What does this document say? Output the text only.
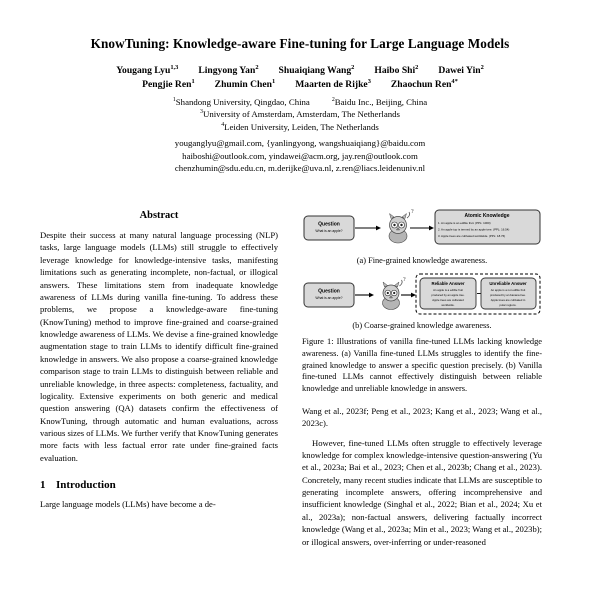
KnowTuning: Knowledge-aware Fine-tuning for Large Language Models
Yougang Lyu$^{1,3}$ Lingyong Yan$^2$ Shuaiqiang Wang$^2$ Haibo Shi$^2$ Dawei Yin$^2$
Pengjie Ren$^1$ Zhumin Chen$^1$ Maarten de Rijke$^3$ Zhaochun Ren$^{4*}$
$^1$Shandong University, Qingdao, China	$^2$Baidu Inc., Beijing, China
$^3$University of Amsterdam, Amsterdam, The Netherlands
$^4$Leiden University, Leiden, The Netherlands
youganglyu@gmail.com, {yanlingyong, wangshuaiqiang}@baidu.com
haiboshi@outlook.com, yindawei@acm.org, jay.ren@outlook.com
chenzhumin@sdu.edu.cn, m.derijke@uva.nl, z.ren@liacs.leidenuniv.nl
Abstract
Despite their success at many natural language processing (NLP) tasks, large language models (LLMs) still struggle to effectively leverage knowledge for knowledge-intensive tasks, manifesting limitations such as generating incomplete, non-factual, or illogical answers. These limitations stem from inadequate knowledge awareness of LLMs during vanilla fine-tuning. To address these problems, we propose a knowledge-aware fine-tuning (KnowTuning) method to improve fine-grained and coarse-grained knowledge awareness of LLMs. We devise a fine-grained knowledge augmentation stage to train LLMs to identify difficult fine-grained knowledge in answers. We also propose a coarse-grained knowledge comparison stage to train LLMs to distinguish between reliable and unreliable knowledge, in three aspects: completeness, factuality, and logicality. Extensive experiments on both generic and medical question answering (QA) datasets confirm the effectiveness of KnowTuning, through automatic and human evaluations, across various sizes of LLMs. We further verify that KnowTuning generates more facts with less factual error rate under fine-grained facts evaluation.
1 Introduction

Large language models (LLMs) have become a de-

Question
What is an apple?
?
Atomic Knowledge
1. An apple is an edible fruit. (PPL: 1000)
2. An apple top is termed by an apple tree. (PPL: 16.54)
3. Apple trees are cultivated worldwide. (PPL: 18.76)
(a) Fine-grained knowledge awareness.
Question
What is an apple?
?
Reliable Answer
An apple is a edible fruit
produced by an apple tree.
Apple trees are cultivated
worldwide.
Unreliable Answer
An apple is a not edible fruit
produced by an banana tree.
Apple trees are cultivated in
polar regions.
(b) Coarse-grained knowledge awareness.
Figure 1: Illustrations of vanilla fine-tuned LLMs lacking knowledge awareness. (a) Vanilla fine-tuned LLMs struggles to identify the fine-grained knowledge to answer a specific question precisely. (b) Vanilla fine-tuned LLMs cannot effectively distinguish between reliable knowledge and unreliable knowledge in answers.

Wang et al., 2023f; Peng et al., 2023; Kang et al., 2023; Wang et al., 2023c).

However, fine-tuned LLMs often struggle to effectively leverage knowledge for complex knowledge-intensive question-answering (Yu et al., 2023a; Bai et al., 2023; Chen et al., 2023b; Chang et al., 2023). Concretely, many recent studies indicate that LLMs are susceptible to generating incomplete answers, offering incomprehensive and insufficient knowledge (Singhal et al., 2022; Bian et al., 2024; Xu et al., 2023a); non-factual answers, delivering factually incorrect knowledge (Wang et al., 2023a; Min et al., 2023; Wang et al., 2023b); or illogical answers, over-inferring or under-reasoned
